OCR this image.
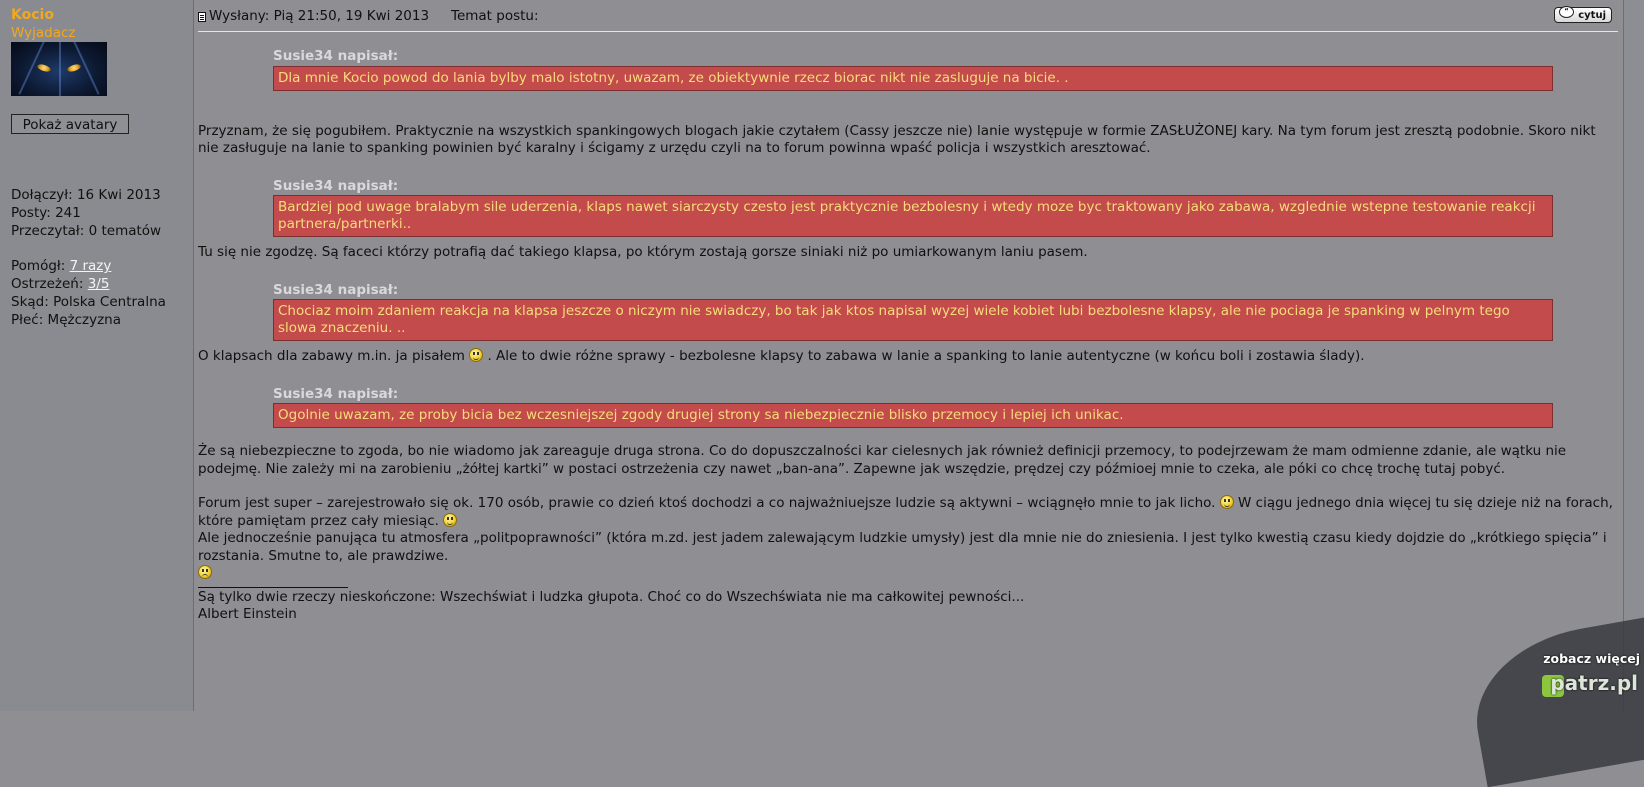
Kocio
Wyjadacz
Pokaż avatary
Dołączył: 16 Kwi 2013
Posty: 241
Przeczytał: 0 tematów
Pomógł: 7 razy
Ostrzeżeń: 3/5
Skąd: Polska Centralna
Płeć: Mężczyzna
Wysłany: Pią 21:50, 19 Kwi 2013 Temat postu:	“ cytuj
Susie34 napisał:
Dla mnie Kocio powod do lania bylby malo istotny, uwazam, ze obiektywnie rzecz biorac nikt nie zasluguje na bicie. .

Przyznam, że się pogubiłem. Praktycznie na wszystkich spankingowych blogach jakie czytałem (Cassy jeszcze nie) lanie występuje w formie ZASŁUŻONEJ kary. Na tym forum jest zresztą podobnie. Skoro nikt nie zasługuje na lanie to spanking powinien być karalny i ścigamy z urzędu czyli na to forum powinna wpaść policja i wszystkich aresztować.

Susie34 napisał:
Bardziej pod uwage bralabym sile uderzenia, klaps nawet siarczysty czesto jest praktycznie bezbolesny i wtedy moze byc traktowany jako zabawa, wzglednie wstepne testowanie reakcji partnera/partnerki..

Tu się nie zgodzę. Są faceci którzy potrafią dać takiego klapsa, po którym zostają gorsze siniaki niż po umiarkowanym laniu pasem.

Susie34 napisał:
Chociaz moim zdaniem reakcja na klapsa jeszcze o niczym nie swiadczy, bo tak jak ktos napisal wyzej wiele kobiet lubi bezbolesne klapsy, ale nie pociaga je spanking w pelnym tego slowa znaczeniu. ..

O klapsach dla zabawy m.in. ja pisałem  . Ale to dwie różne sprawy - bezbolesne klapsy to zabawa w lanie a spanking to lanie autentyczne (w końcu boli i zostawia ślady).

Susie34 napisał:
Ogolnie uwazam, ze proby bicia bez wczesniejszej zgody drugiej strony sa niebezpiecznie blisko przemocy i lepiej ich unikac.

Że są niebezpieczne to zgoda, bo nie wiadomo jak zareaguje druga strona. Co do dopuszczalności kar cielesnych jak również definicji przemocy, to podejrzewam że mam odmienne zdanie, ale wątku nie podejmę. Nie zależy mi na zarobieniu „żółtej kartki” w postaci ostrzeżenia czy nawet „ban-ana”. Zapewne jak wszędzie, prędzej czy późmioej mnie to czeka, ale póki co chcę trochę tutaj pobyć.

Forum jest super – zarejestrowało się ok. 170 osób, prawie co dzień ktoś dochodzi a co najważniuejsze ludzie są aktywni – wciągnęło mnie to jak licho.  W ciągu jednego dnia więcej tu się dzieje niż na forach, które pamiętam przez cały miesiąc.

Ale jednocześnie panująca tu atmosfera „politpoprawności” (która m.zd. jest jadem zalewającym ludzkie umysły) jest dla mnie nie do zniesienia. I jest tylko kwestią czasu kiedy dojdzie do „krótkiego spięcia” i rozstania. Smutne to, ale prawdziwe.

Są tylko dwie rzeczy nieskończone: Wszechświat i ludzka głupota. Choć co do Wszechświata nie ma całkowitej pewności...
Albert Einstein
zobacz więcej
patrz.pl
